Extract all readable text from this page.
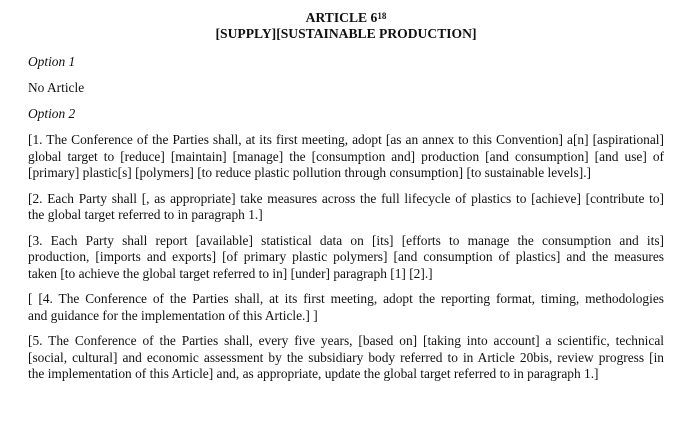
ARTICLE $6^{18}$
[SUPPLY][SUSTAINABLE PRODUCTION]
Option 1
No Article
Option 2
[1. The Conference of the Parties shall, at its first meeting, adopt [as an annex to this Convention] a[n] [aspirational]
global target to [reduce] [maintain] [manage] the [consumption and] production [and consumption] [and use] of
[primary] plastic[s] [polymers] [to reduce plastic pollution through consumption] [to sustainable levels].]
[2. Each Party shall [, as appropriate] take measures across the full lifecycle of plastics to [achieve] [contribute to]
the global target referred to in paragraph 1.]
[3. Each Party shall report [available] statistical data on [its] [efforts to manage the consumption and its]
production, [imports and exports] [of primary plastic polymers] [and consumption of plastics] and the measures
taken [to achieve the global target referred to in] [under] paragraph [1] [2].]
[ [4. The Conference of the Parties shall, at its first meeting, adopt the reporting format, timing, methodologies
and guidance for the implementation of this Article.] ]
[5. The Conference of the Parties shall, every five years, [based on] [taking into account] a scientific, technical
[social, cultural] and economic assessment by the subsidiary body referred to in Article 20bis, review progress [in
the implementation of this Article] and, as appropriate, update the global target referred to in paragraph 1.]
